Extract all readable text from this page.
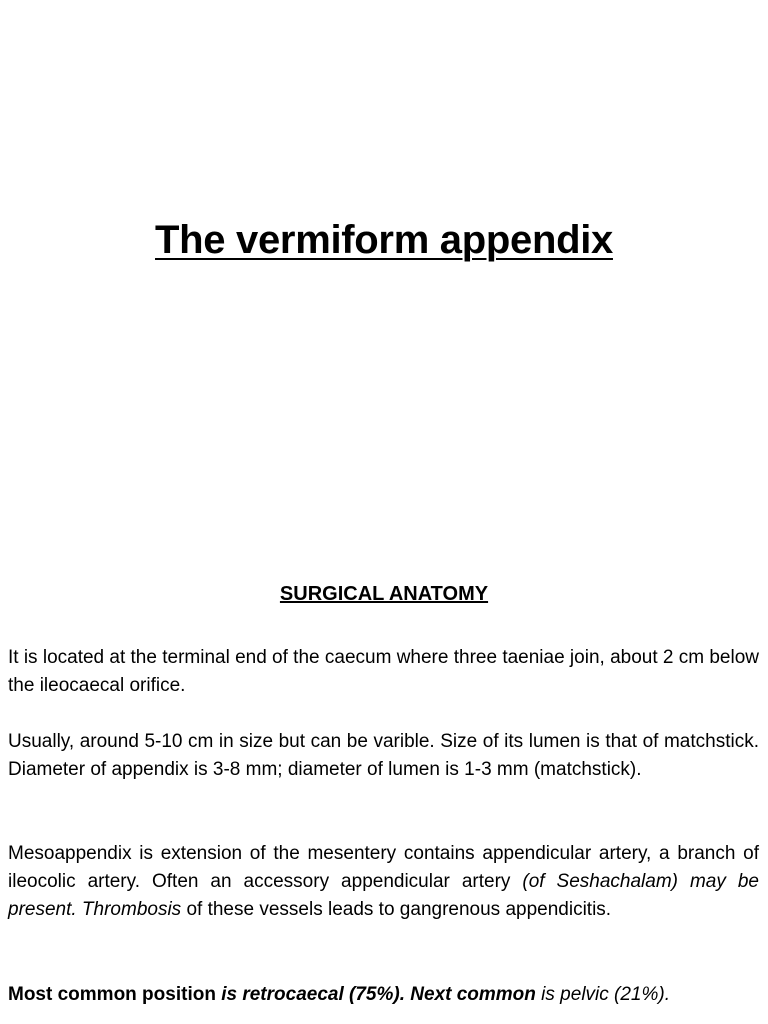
The vermiform appendix
SURGICAL ANATOMY

It is located at the terminal end of the caecum where three taeniae join, about 2 cm below the ileocaecal orifice.

Usually, around 5-10 cm in size but can be varible. Size of its lumen is that of matchstick. Diameter of appendix is 3-8 mm; diameter of lumen is 1-3 mm (matchstick).

Mesoappendix is extension of the mesentery contains appendicular artery, a branch of ileocolic artery. Often an accessory appendicular artery (of Seshachalam) may be present. Thrombosis of these vessels leads to gangrenous appendicitis.

Most common position is retrocaecal (75%). Next common is pelvic (21%).
